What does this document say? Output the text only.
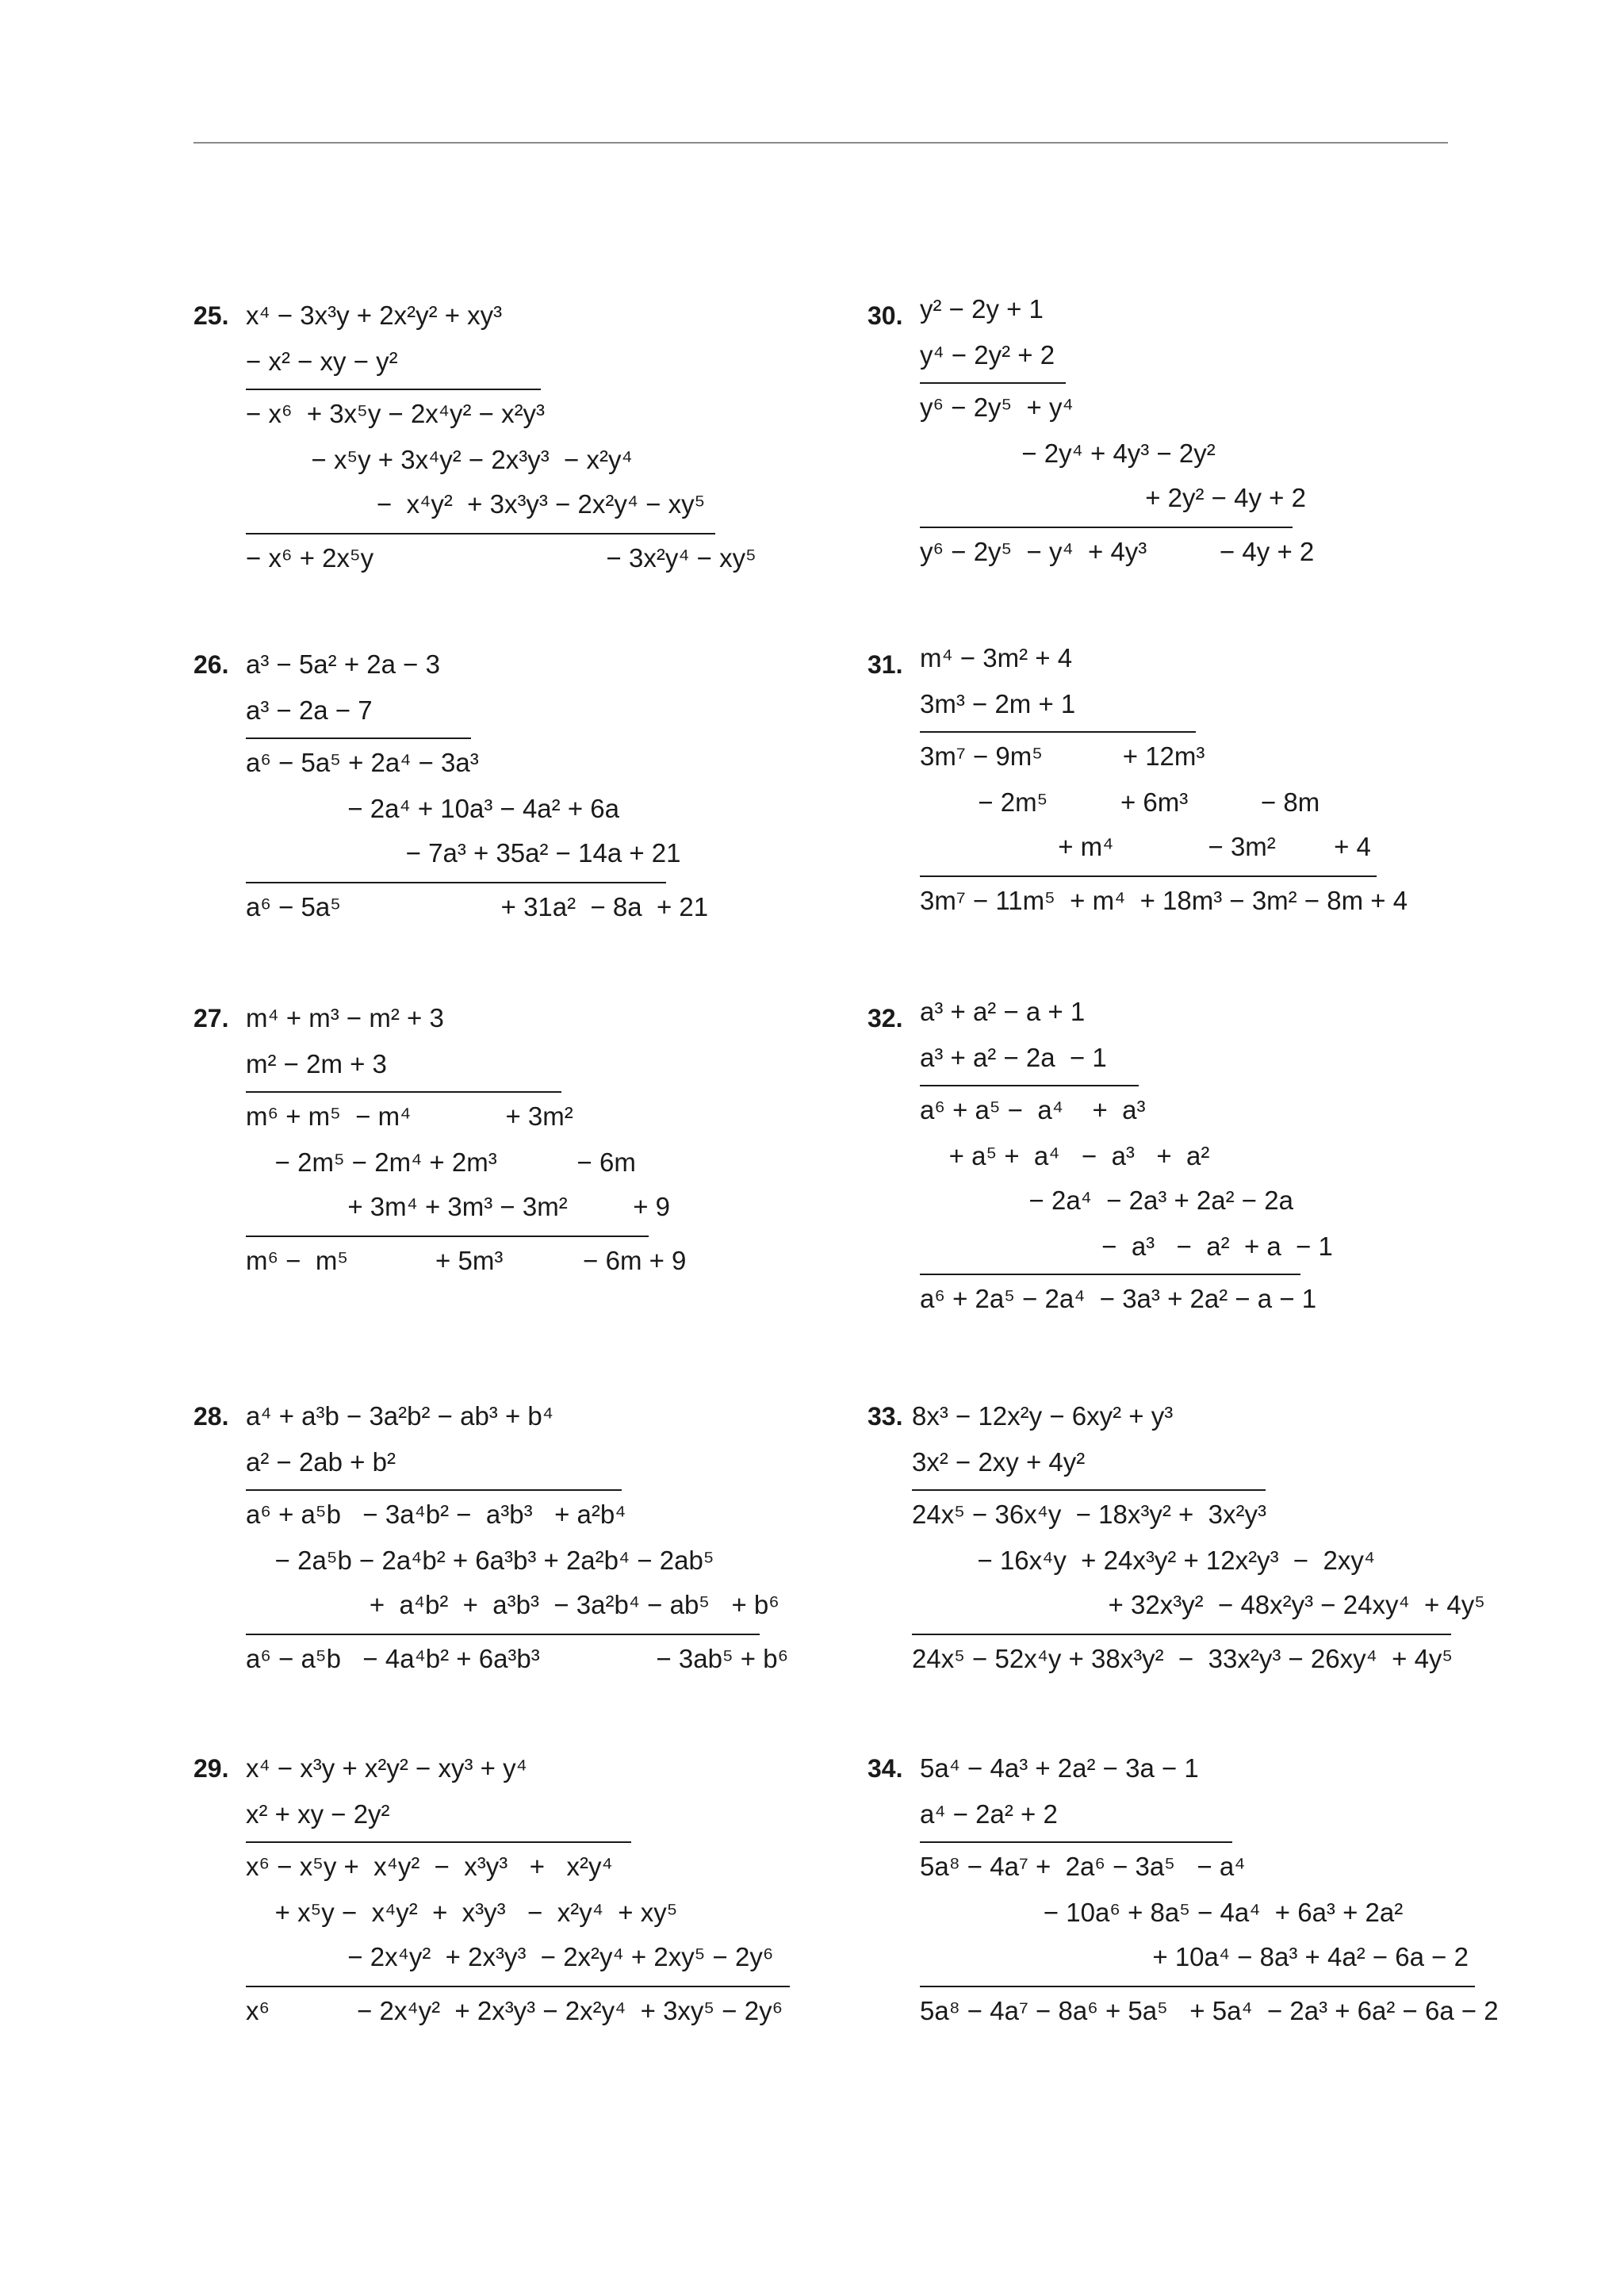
25. x⁴ − 3x³y + 2x²y² + xy³
− x² − xy − y²
− x⁶  + 3x⁵y − 2x⁴y² − x²y³
− x⁵y + 3x⁴y² − 2x³y³  − x²y⁴
−  x⁴y²  + 3x³y³ − 2x²y⁴ − xy⁵
− x⁶ + 2x⁵y                                − 3x²y⁴ − xy⁵
26. a³ − 5a² + 2a − 3
a³ − 2a − 7
a⁶ − 5a⁵ + 2a⁴ − 3a³
− 2a⁴ + 10a³ − 4a² + 6a
− 7a³ + 35a² − 14a + 21
a⁶ − 5a⁵                      + 31a²  − 8a  + 21
27. m⁴ + m³ − m² + 3
m² − 2m + 3
m⁶ + m⁵  − m⁴             + 3m²
− 2m⁵ − 2m⁴ + 2m³           − 6m
+ 3m⁴ + 3m³ − 3m²         + 9
m⁶ −  m⁵            + 5m³           − 6m + 9
28. a⁴ + a³b − 3a²b² − ab³ + b⁴
a² − 2ab + b²
a⁶ + a⁵b   − 3a⁴b² −  a³b³   + a²b⁴
− 2a⁵b − 2a⁴b² + 6a³b³ + 2a²b⁴ − 2ab⁵
+  a⁴b²  +  a³b³  − 3a²b⁴ − ab⁵   + b⁶
a⁶ − a⁵b   − 4a⁴b² + 6a³b³                − 3ab⁵ + b⁶
29. x⁴ − x³y + x²y² − xy³ + y⁴
x² + xy − 2y²
x⁶ − x⁵y +  x⁴y²  −  x³y³   +   x²y⁴
+ x⁵y −  x⁴y²  +  x³y³   −  x²y⁴  + xy⁵
− 2x⁴y²  + 2x³y³  − 2x²y⁴ + 2xy⁵ − 2y⁶
x⁶            − 2x⁴y²  + 2x³y³ − 2x²y⁴  + 3xy⁵ − 2y⁶
30. y² − 2y + 1
y⁴ − 2y² + 2
y⁶ − 2y⁵  + y⁴
− 2y⁴ + 4y³ − 2y²
+ 2y² − 4y + 2
y⁶ − 2y⁵  − y⁴  + 4y³          − 4y + 2
31. m⁴ − 3m² + 4
3m³ − 2m + 1
3m⁷ − 9m⁵           + 12m³
− 2m⁵          + 6m³          − 8m
+ m⁴             − 3m²        + 4
3m⁷ − 11m⁵  + m⁴  + 18m³ − 3m² − 8m + 4
32. a³ + a² − a + 1
a³ + a² − 2a  − 1
a⁶ + a⁵ −  a⁴    +  a³
+ a⁵ +  a⁴   −  a³   +  a²
− 2a⁴  − 2a³ + 2a² − 2a
−  a³   −  a²  + a  − 1
a⁶ + 2a⁵ − 2a⁴  − 3a³ + 2a² − a − 1
33. 8x³ − 12x²y − 6xy² + y³
3x² − 2xy + 4y²
24x⁵ − 36x⁴y  − 18x³y² +  3x²y³
− 16x⁴y  + 24x³y² + 12x²y³  −  2xy⁴
+ 32x³y²  − 48x²y³ − 24xy⁴  + 4y⁵
24x⁵ − 52x⁴y + 38x³y²  −  33x²y³ − 26xy⁴  + 4y⁵
34. 5a⁴ − 4a³ + 2a² − 3a − 1
a⁴ − 2a² + 2
5a⁸ − 4a⁷ +  2a⁶ − 3a⁵   − a⁴
− 10a⁶ + 8a⁵ − 4a⁴  + 6a³ + 2a²
+ 10a⁴ − 8a³ + 4a² − 6a − 2
5a⁸ − 4a⁷ − 8a⁶ + 5a⁵   + 5a⁴  − 2a³ + 6a² − 6a − 2
